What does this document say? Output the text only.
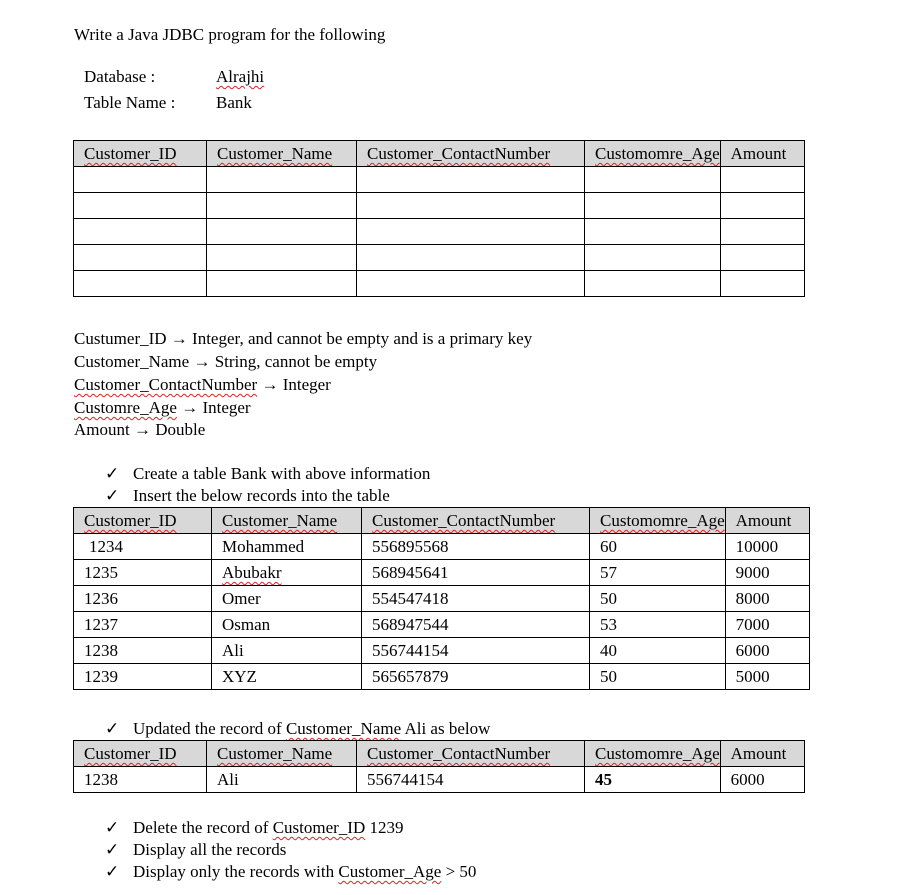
Write a Java JDBC program for the following
Database :	Alrajhi
Table Name : Bank
Customer_ID	Customer_Name	Customer_ContactNumber	Customomre_Age	Amount

Custumer_ID → Integer, and cannot be empty and is a primary key
Customer_Name → String, cannot be empty
Customer_ContactNumber → Integer
Customre_Age → Integer
Amount → Double
✓ Create a table Bank with above information
✓ Insert the below records into the table
Customer_ID	Customer_Name	Customer_ContactNumber	Customomre_Age	Amount
1234	Mohammed	556895568	60	10000
1235	Abubakr	568945641	57	9000
1236	Omer	554547418	50	8000
1237	Osman	568947544	53	7000
1238	Ali	556744154	40	6000
1239	XYZ	565657879	50	5000
✓ Updated the record of Customer_Name Ali as below
Customer_ID	Customer_Name	Customer_ContactNumber	Customomre_Age	Amount
1238	Ali	556744154	45	6000
✓ Delete the record of Customer_ID 1239
✓ Display all the records
✓ Display only the records with Customer_Age > 50
